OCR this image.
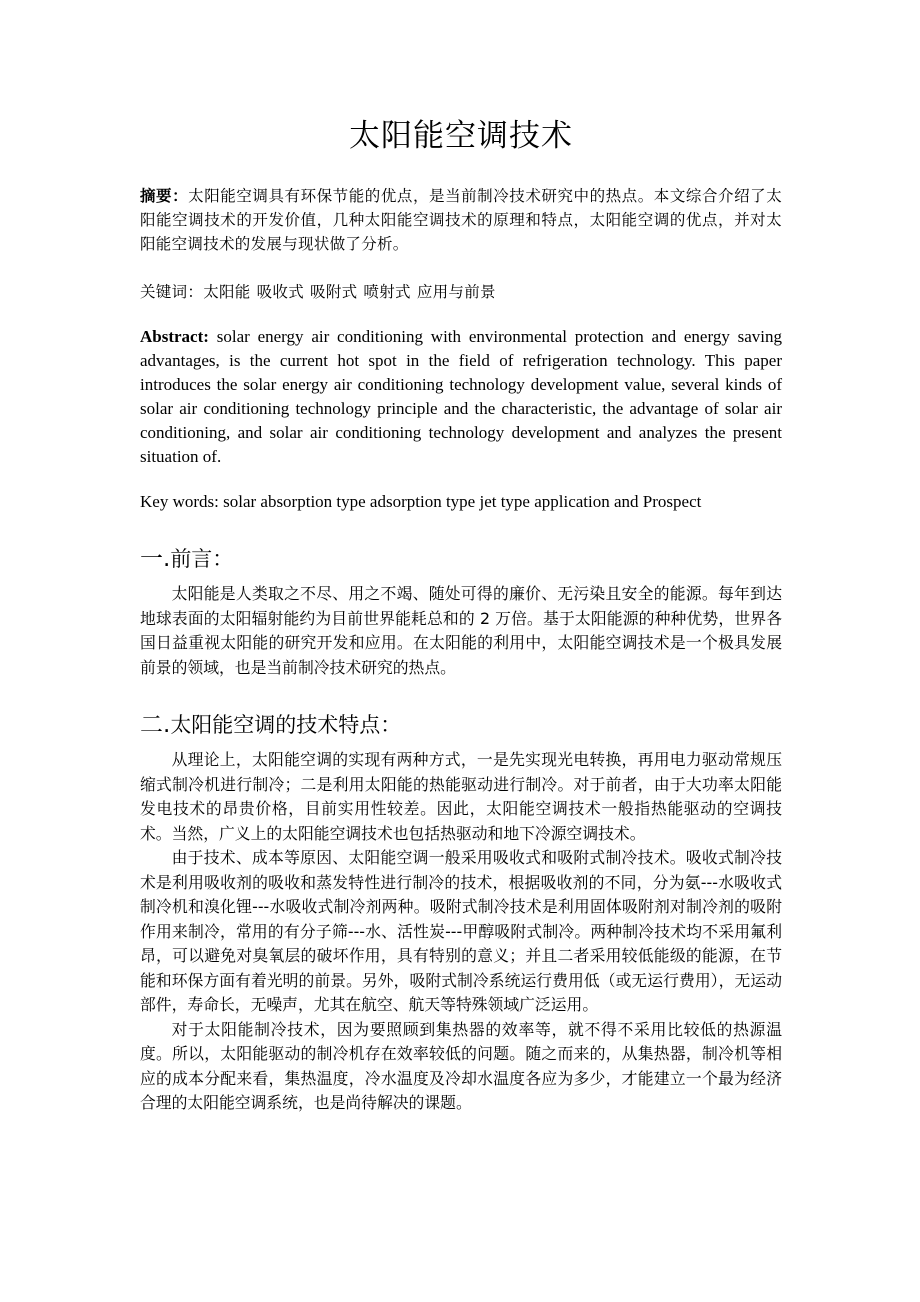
太阳能空调技术
摘要：太阳能空调具有环保节能的优点，是当前制冷技术研究中的热点。本文综合介绍了太阳能空调技术的开发价值，几种太阳能空调技术的原理和特点，太阳能空调的优点，并对太阳能空调技术的发展与现状做了分析。
关键词：太阳能 吸收式 吸附式 喷射式 应用与前景
Abstract: solar energy air conditioning with environmental protection and energy saving advantages, is the current hot spot in the field of refrigeration technology. This paper introduces the solar energy air conditioning technology development value, several kinds of solar air conditioning technology principle and the characteristic, the advantage of solar air conditioning, and solar air conditioning technology development and analyzes the present situation of.
Key words: solar absorption type adsorption type jet type application and Prospect
一.前言：

太阳能是人类取之不尽、用之不竭、随处可得的廉价、无污染且安全的能源。每年到达地球表面的太阳辐射能约为目前世界能耗总和的 2 万倍。基于太阳能源的种种优势，世界各国日益重视太阳能的研究开发和应用。在太阳能的利用中，太阳能空调技术是一个极具发展前景的领域，也是当前制冷技术研究的热点。

二.太阳能空调的技术特点：

从理论上，太阳能空调的实现有两种方式，一是先实现光电转换，再用电力驱动常规压缩式制冷机进行制冷；二是利用太阳能的热能驱动进行制冷。对于前者，由于大功率太阳能发电技术的昂贵价格，目前实用性较差。因此，太阳能空调技术一般指热能驱动的空调技术。当然，广义上的太阳能空调技术也包括热驱动和地下冷源空调技术。

由于技术、成本等原因、太阳能空调一般采用吸收式和吸附式制冷技术。吸收式制冷技术是利用吸收剂的吸收和蒸发特性进行制冷的技术，根据吸收剂的不同，分为氨---水吸收式制冷机和溴化锂---水吸收式制冷剂两种。吸附式制冷技术是利用固体吸附剂对制冷剂的吸附作用来制冷，常用的有分子筛---水、活性炭---甲醇吸附式制冷。两种制冷技术均不采用氟利昂，可以避免对臭氧层的破坏作用，具有特别的意义；并且二者采用较低能级的能源，在节能和环保方面有着光明的前景。另外，吸附式制冷系统运行费用低（或无运行费用），无运动部件，寿命长，无噪声，尤其在航空、航天等特殊领域广泛运用。

对于太阳能制冷技术，因为要照顾到集热器的效率等，就不得不采用比较低的热源温度。所以，太阳能驱动的制冷机存在效率较低的问题。随之而来的，从集热器，制冷机等相应的成本分配来看，集热温度，冷水温度及冷却水温度各应为多少，才能建立一个最为经济合理的太阳能空调系统，也是尚待解决的课题。
